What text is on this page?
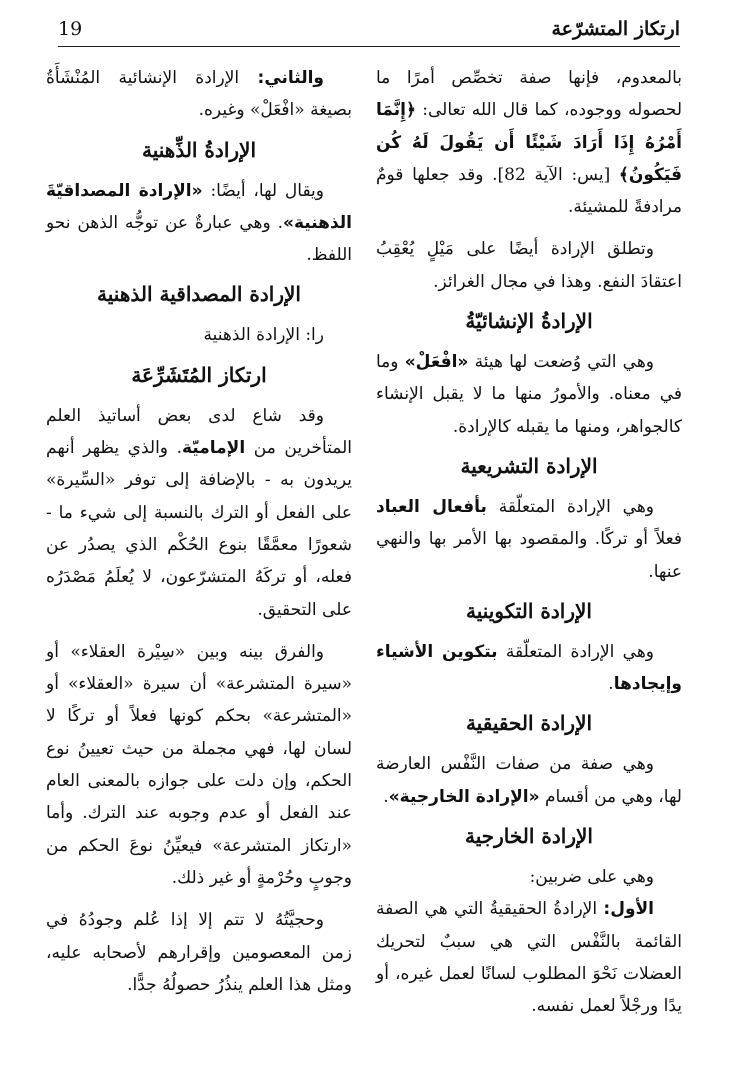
19	ارتكاز المتشرّعة

بالمعدوم، فإنها صفة تخصِّص أمرًا ما لحصوله ووجوده، كما قال الله تعالى: ﴿إِنَّمَا أَمْرُهُ إِذَا أَرَادَ شَيْئًا أَن يَقُولَ لَهُ كُن فَيَكُونُ﴾ [يس: الآية 82]. وقد جعلها قومٌ مرادفةً للمشيئة.

وتطلق الإرادة أيضًا على مَيْلٍ يُعْقِبُ اعتقادَ النفع. وهذا في مجال الغرائز.

الإرادةُ الإنشائيّةُ

وهي التي وُضعت لها هيئة «افْعَلْ» وما في معناه. والأمورُ منها ما لا يقبل الإنشاء كالجواهر، ومنها ما يقبله كالإرادة.

الإرادة التشريعية

وهي الإرادة المتعلّقة بأفعال العباد فعلاً أو تركًا. والمقصود بها الأمر بها والنهي عنها.

الإرادة التكوينية

وهي الإرادة المتعلّقة بتكوين الأشياء وإيجادها.

الإرادة الحقيقية

وهي صفة من صفات النَّفْس العارضة لها، وهي من أقسام «الإرادة الخارجية».

الإرادة الخارجية

وهي على ضربين:

الأول: الإرادةُ الحقيقيةُ التي هي الصفة القائمة بالنَّفْس التي هي سببٌ لتحريك العضلات نَحْوَ المطلوب لسانًا لعمل غيره، أو يدًا ورجْلاً لعمل نفسه.

والثاني: الإرادة الإنشائية المُنْشَأَةُ بصيغة «افْعَلْ» وغيره.

الإرادةُ الذِّهنية

ويقال لها، أيضًا: «الإرادة المصداقيّةَ الذهنية». وهي عبارةٌ عن توجُّه الذهن نحو اللفظ.

الإرادة المصداقية الذهنية

را: الإرادة الذهنية

ارتكاز المُتَشَرِّعَة

وقد شاع لدى بعض أساتيذ العلم المتأخرين من الإماميّة. والذي يظهر أنهم يريدون به - بالإضافة إلى توفر «السِّيرة» على الفعل أو الترك بالنسبة إلى شيء ما - شعورًا معمَّقًا بنوع الحُكْم الذي يصدُر عن فعله، أو تركَهُ المتشرّعون، لا يُعلَمُ مَصْدَرُه على التحقيق.

والفرق بينه وبين «سِيْرة العقلاء» أو «سيرة المتشرعة» أن سيرة «العقلاء» أو «المتشرعة» بحكم كونها فعلاً أو تركًا لا لسان لها، فهي مجملة من حيث تعيينُ نوع الحكم، وإن دلت على جوازه بالمعنى العام عند الفعل أو عدم وجوبه عند الترك. وأما «ارتكاز المتشرعة» فيعيِّنُ نوعَ الحكم من وجوبٍ وحُرْمةٍ أو غير ذلك.

وحجيَّتُهُ لا تتم إلا إذا عُلم وجودُهُ في زمن المعصومين وإقرارهم لأصحابه عليه، ومثل هذا العلم ينذُرُ حصولُهُ جدًّا.
